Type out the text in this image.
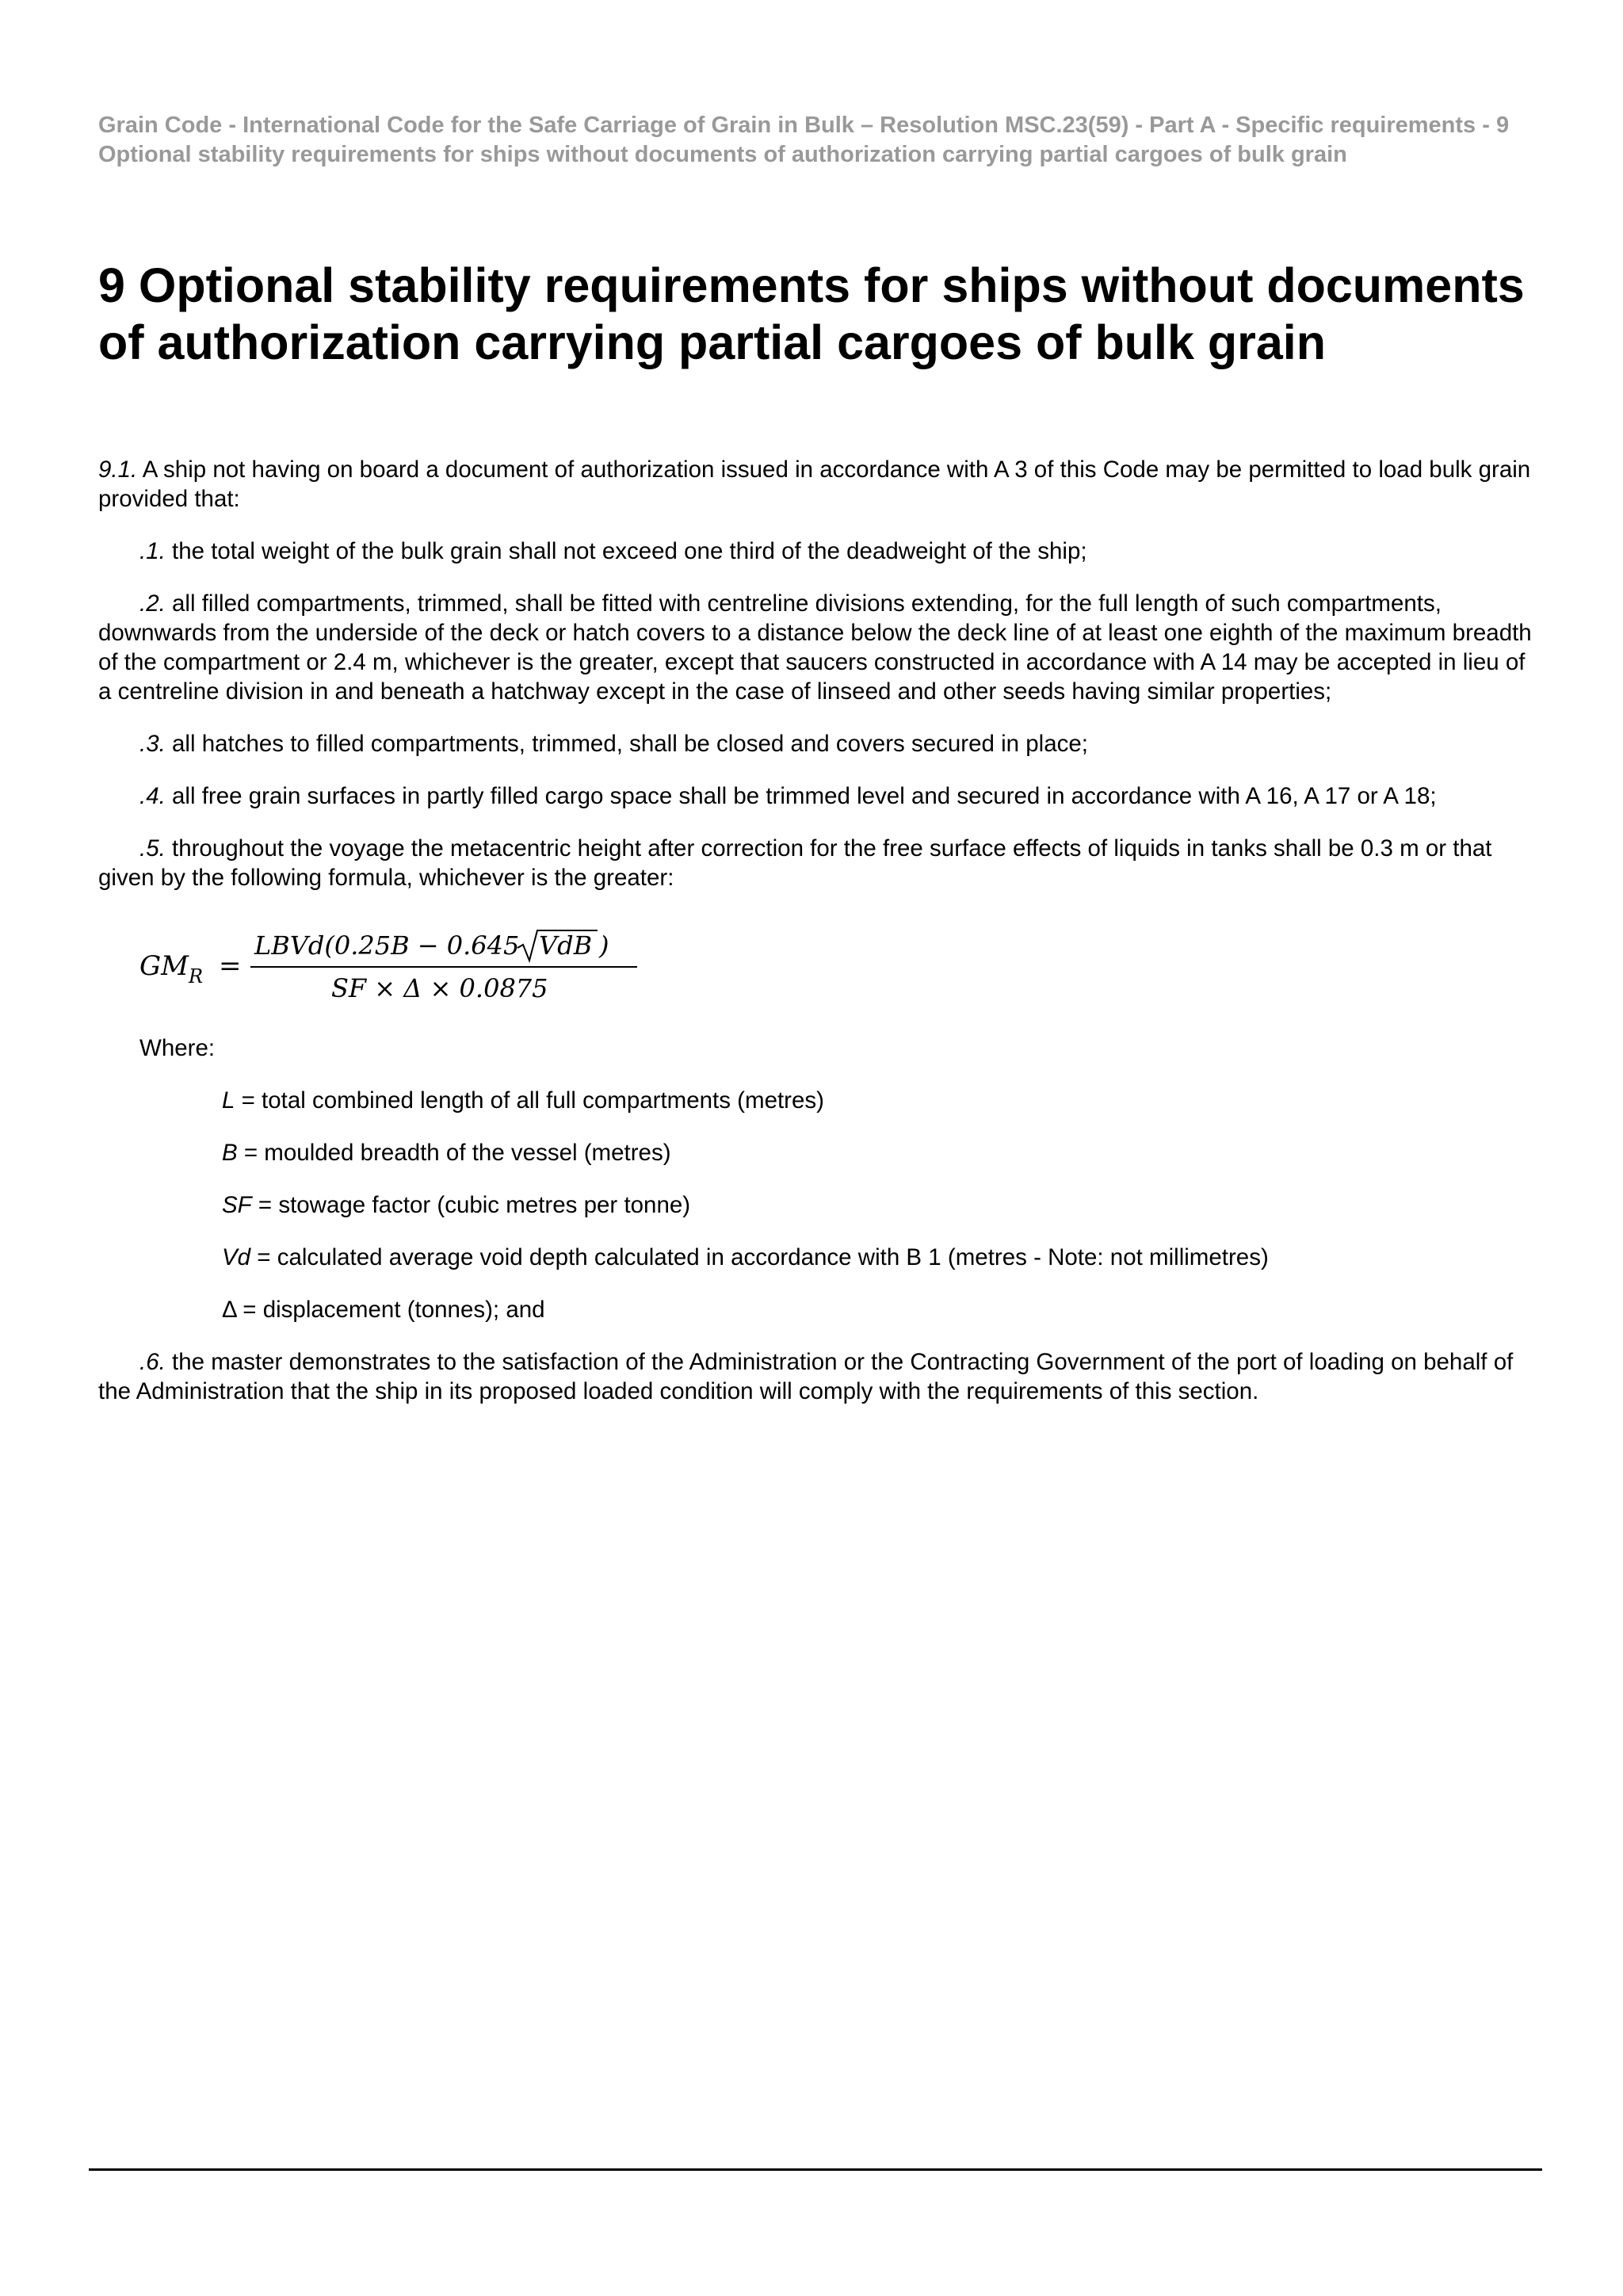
Grain Code - International Code for the Safe Carriage of Grain in Bulk – Resolution MSC.23(59) - Part A - Specific requirements - 9 Optional stability requirements for ships without documents of authorization carrying partial cargoes of bulk grain

9 Optional stability requirements for ships without documents of authorization carrying partial cargoes of bulk grain

9.1. A ship not having on board a document of authorization issued in accordance with A 3 of this Code may be permitted to load bulk grain provided that:

.1. the total weight of the bulk grain shall not exceed one third of the deadweight of the ship;

.2. all filled compartments, trimmed, shall be fitted with centreline divisions extending, for the full length of such compartments, downwards from the underside of the deck or hatch covers to a distance below the deck line of at least one eighth of the maximum breadth of the compartment or 2.4 m, whichever is the greater, except that saucers constructed in accordance with A 14 may be accepted in lieu of a centreline division in and beneath a hatchway except in the case of linseed and other seeds having similar properties;

.3. all hatches to filled compartments, trimmed, shall be closed and covers secured in place;

.4. all free grain surfaces in partly filled cargo space shall be trimmed level and secured in accordance with A 16, A 17 or A 18;

.5. throughout the voyage the metacentric height after correction for the free surface effects of liquids in tanks shall be 0.3 m or that given by the following formula, whichever is the greater:

GM R =
LBVd(0.25B − 0.645 VdB )
SF × Δ × 0.0875

Where:

L = total combined length of all full compartments (metres)

B = moulded breadth of the vessel (metres)

SF = stowage factor (cubic metres per tonne)

Vd = calculated average void depth calculated in accordance with B 1 (metres - Note: not millimetres)

Δ = displacement (tonnes); and

.6. the master demonstrates to the satisfaction of the Administration or the Contracting Government of the port of loading on behalf of the Administration that the ship in its proposed loaded condition will comply with the requirements of this section.
